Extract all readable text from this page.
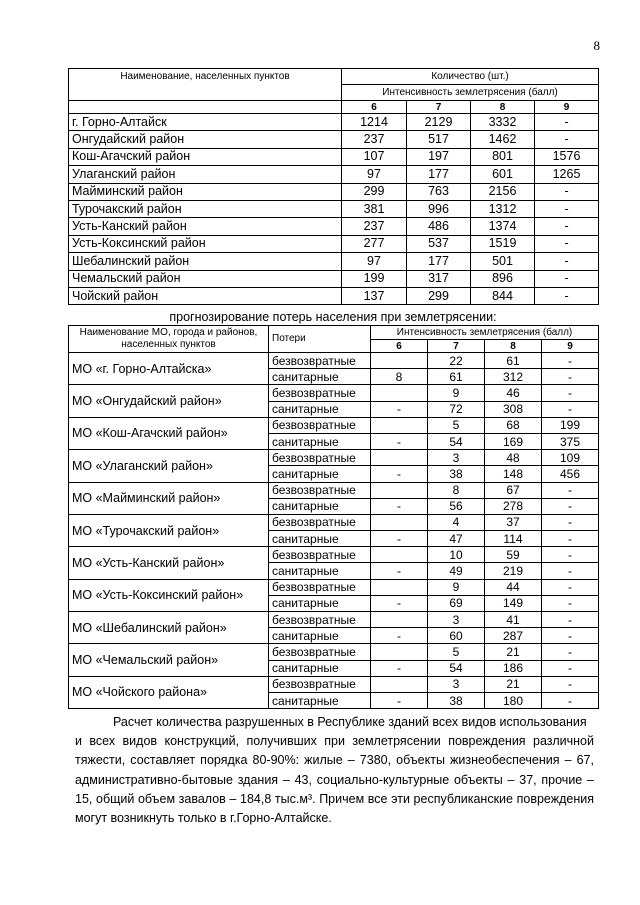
8
Наименование, населенных пунктов	Количество (шт.)			
	Интенсивность землетрясения (балл)			
	6	7	8	9
г. Горно-Алтайск	1214	2129	3332	-
Онгудайский район	237	517	1462	-
Кош-Агачский район	107	197	801	1576
Улаганский район	97	177	601	1265
Майминский район	299	763	2156	-
Турочакский район	381	996	1312	-
Усть-Канский район	237	486	1374	-
Усть-Коксинский район	277	537	1519	-
Шебалинский район	97	177	501	-
Чемальский район	199	317	896	-
Чойский район	137	299	844	-
прогнозирование потерь населения при землетрясении:
Наименование МО, города и районов,
населенных пунктов	Потери	Интенсивность землетрясения (балл)			
		6	7	8	9
МО «г. Горно-Алтайска»	безвозвратные		22	61	-
	санитарные	8	61	312	-
МО «Онгудайский район»	безвозвратные		9	46	-
	санитарные	-	72	308	-
МО «Кош-Агачский район»	безвозвратные		5	68	199
	санитарные	-	54	169	375
МО «Улаганский район»	безвозвратные		3	48	109
	санитарные	-	38	148	456
МО «Майминский район»	безвозвратные		8	67	-
	санитарные	-	56	278	-
МО «Турочакский район»	безвозвратные		4	37	-
	санитарные	-	47	114	-
МО «Усть-Канский район»	безвозвратные		10	59	-
	санитарные	-	49	219	-
МО «Усть-Коксинский район»	безвозвратные		9	44	-
	санитарные	-	69	149	-
МО «Шебалинский район»	безвозвратные		3	41	-
	санитарные	-	60	287	-
МО «Чемальский район»	безвозвратные		5	21	-
	санитарные	-	54	186	-
МО «Чойского района»	безвозвратные		3	21	-
	санитарные	-	38	180	-

Расчет количества разрушенных в Республике зданий всех видов использования
и всех видов конструкций, получивших при землетрясении повреждения различной
тяжести, составляет порядка 80-90%: жилые – 7380, объекты жизнеобеспечения – 67,
административно-бытовые здания – 43, социально-культурные объекты – 37, прочие –
15, общий объем завалов – 184,8 тыс.м³. Причем все эти республиканские повреждения
могут возникнуть только в г.Горно-Алтайске.
